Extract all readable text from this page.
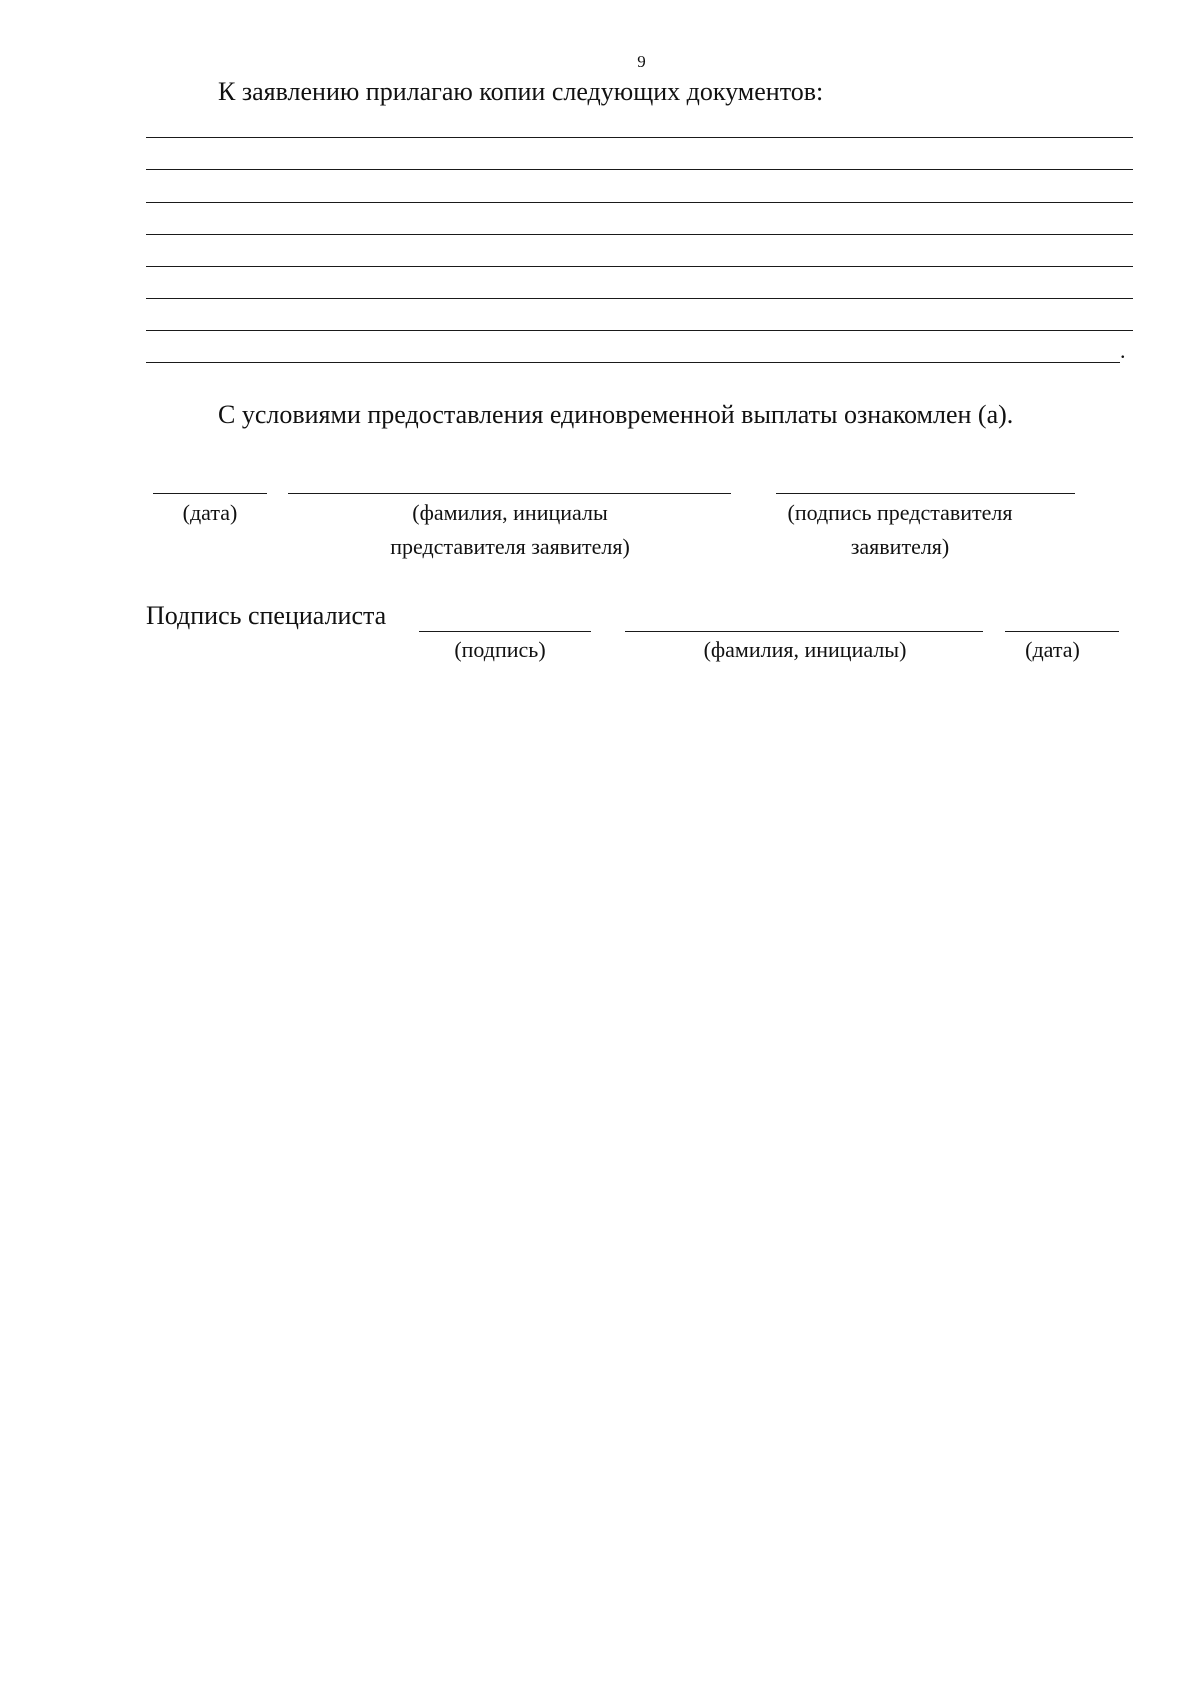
9
К заявлению прилагаю копии следующих документов:
.
С условиями предоставления единовременной выплаты ознакомлен (а).
(дата)	(фамилия, инициалы
представителя заявителя)
(подпись представителя
заявителя)
Подпись специалиста
(подпись)	(фамилия, инициалы)	(дата)
